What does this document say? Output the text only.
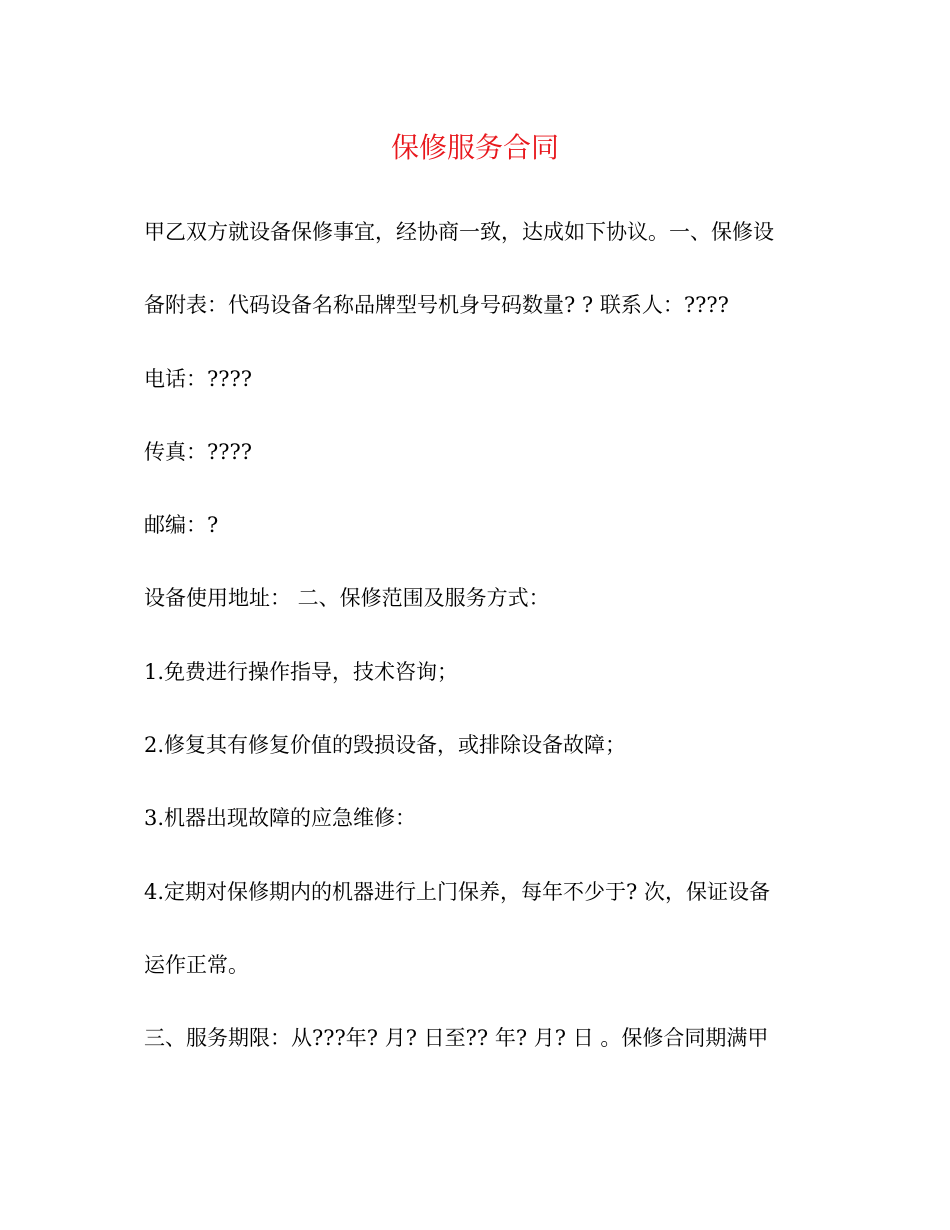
保修服务合同
甲乙双方就设备保修事宜，经协商一致，达成如下协议。一、保修设
备附表：代码设备名称品牌型号机身号码数量? ? 联系人：????
电话：????
传真：????
邮编：?
设备使用地址： 二、保修范围及服务方式：
1.免费进行操作指导，技术咨询；
2.修复其有修复价值的毁损设备，或排除设备故障；
3.机器出现故障的应急维修：
4.定期对保修期内的机器进行上门保养，每年不少于? 次，保证设备
运作正常。
三、服务期限：从???年? 月? 日至?? 年? 月? 日 。保修合同期满甲
